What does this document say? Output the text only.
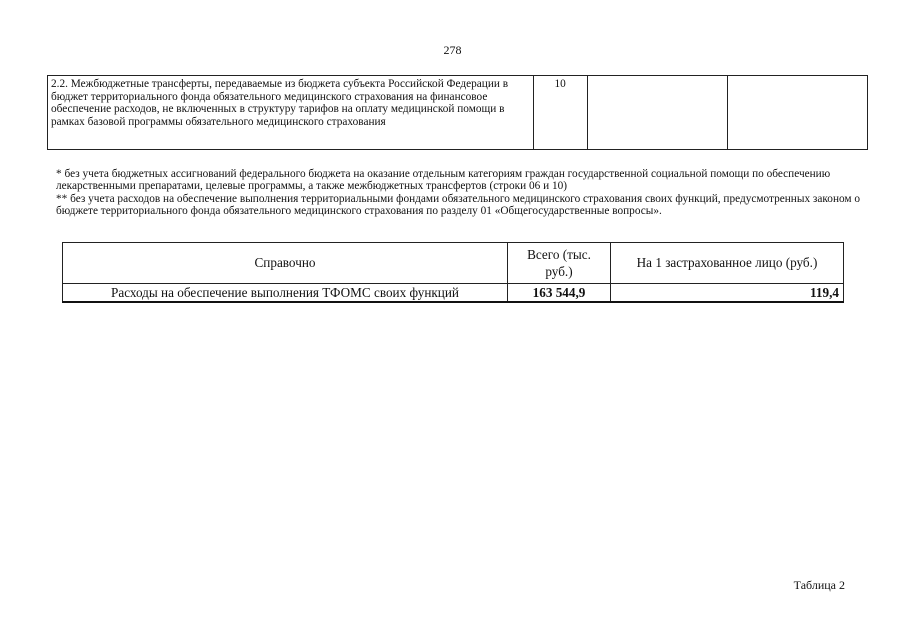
278
2.2. Межбюджетные трансферты, передаваемые из бюджета субъекта Российской Федерации в бюджет территориального фонда обязательного медицинского страхования на финансовое обеспечение расходов, не включенных в структуру тарифов на оплату медицинской помощи в рамках базовой программы обязательного медицинского страхования	10		

* без учета бюджетных ассигнований федерального бюджета на оказание отдельным категориям граждан государственной социальной помощи по обеспечению лекарственными препаратами, целевые программы, а также межбюджетных трансфертов (строки 06 и 10)

** без учета расходов на обеспечение выполнения территориальными фондами обязательного медицинского страхования своих функций, предусмотренных законом о бюджете территориального фонда обязательного медицинского страхования по разделу 01 «Общегосударственные вопросы».

Справочно	Всего (тыс. руб.)	На 1 застрахованное лицо (руб.)
Расходы на обеспечение выполнения ТФОМС своих функций	163 544,9	119,4
Таблица 2
